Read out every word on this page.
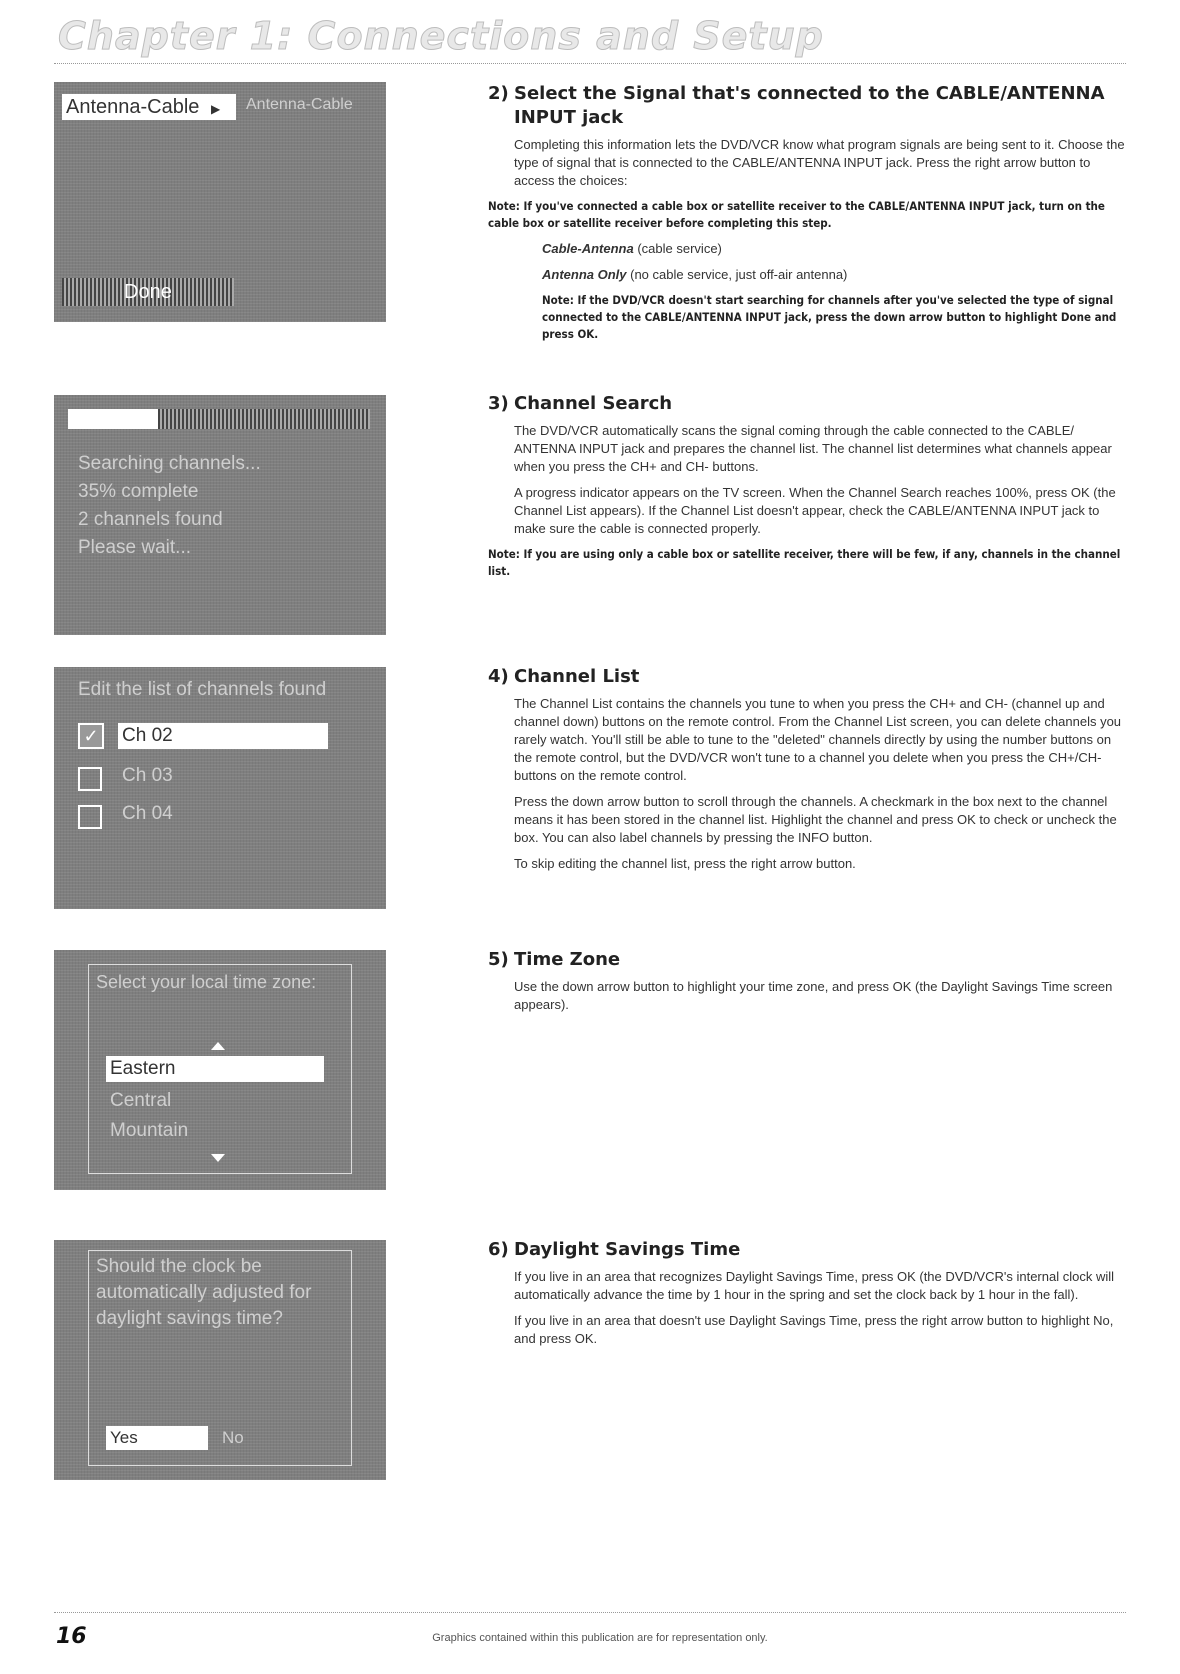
Chapter 1: Connections and Setup
Antenna-Cable ▶	Antenna-Cable
Done
Searching channels...
35% complete
2 channels found
Please wait...
Edit the list of channels found
✓ Ch 02
Ch 03
Ch 04
Select your local time zone:
Eastern
Central
Mountain
Should the clock be
automatically adjusted for
daylight savings time?
Yes	No
2) Select the Signal that's connected to the CABLE/ANTENNA
INPUT jack

Completing this information lets the DVD/VCR know what program signals are being sent to it. Choose the type of signal that is connected to the CABLE/ANTENNA INPUT jack. Press the right arrow button to access the choices:

Note: If you've connected a cable box or satellite receiver to the CABLE/ANTENNA INPUT jack, turn on the cable box or satellite receiver before completing this step.

Cable-Antenna (cable service)

Antenna Only (no cable service, just off-air antenna)

Note: If the DVD/VCR doesn't start searching for channels after you've selected the type of signal connected to the CABLE/ANTENNA INPUT jack, press the down arrow button to highlight Done and press OK.

3) Channel Search

The DVD/VCR automatically scans the signal coming through the cable connected to the CABLE/ ANTENNA INPUT jack and prepares the channel list. The channel list determines what channels appear when you press the CH+ and CH- buttons.

A progress indicator appears on the TV screen. When the Channel Search reaches 100%, press OK (the Channel List appears). If the Channel List doesn't appear, check the CABLE/ANTENNA INPUT jack to make sure the cable is connected properly.

Note: If you are using only a cable box or satellite receiver, there will be few, if any, channels in the channel list.

4) Channel List

The Channel List contains the channels you tune to when you press the CH+ and CH- (channel up and channel down) buttons on the remote control. From the Channel List screen, you can delete channels you rarely watch. You'll still be able to tune to the "deleted" channels directly by using the number buttons on the remote control, but the DVD/VCR won't tune to a channel you delete when you press the CH+/CH- buttons on the remote control.

Press the down arrow button to scroll through the channels. A checkmark in the box next to the channel means it has been stored in the channel list. Highlight the channel and press OK to check or uncheck the box. You can also label channels by pressing the INFO button.

To skip editing the channel list, press the right arrow button.

5) Time Zone

Use the down arrow button to highlight your time zone, and press OK (the Daylight Savings Time screen appears).

6) Daylight Savings Time

If you live in an area that recognizes Daylight Savings Time, press OK (the DVD/VCR's internal clock will automatically advance the time by 1 hour in the spring and set the clock back by 1 hour in the fall).

If you live in an area that doesn't use Daylight Savings Time, press the right arrow button to highlight No, and press OK.

16	Graphics contained within this publication are for representation only.
